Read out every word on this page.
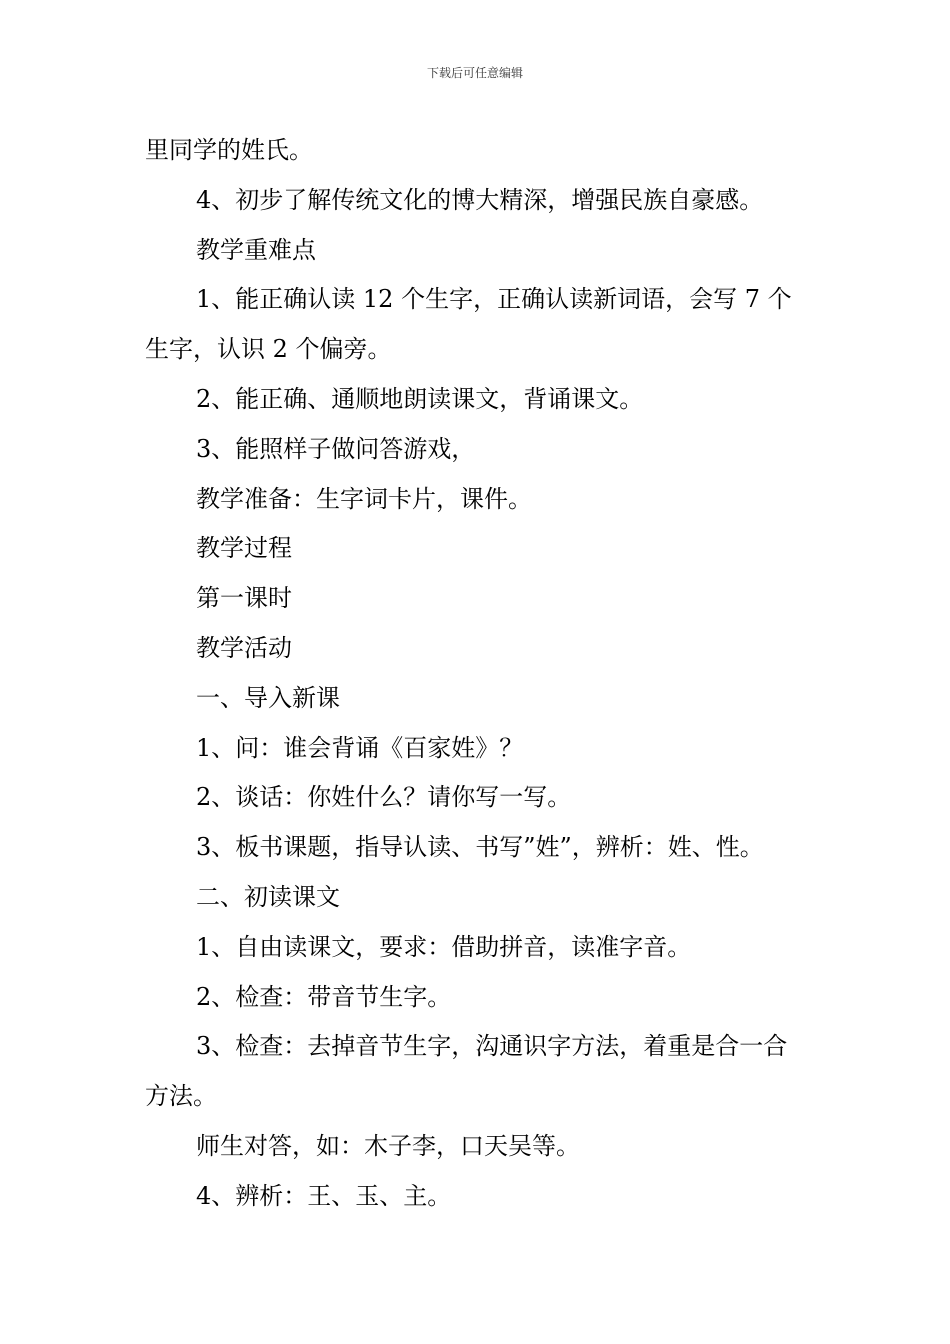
下载后可任意编辑

里同学的姓氏。

4、初步了解传统文化的博大精深，增强民族自豪感。

教学重难点

1、能正确认读 12 个生字，正确认读新词语，会写 7 个生字，认识 2 个偏旁。

2、能正确、通顺地朗读课文，背诵课文。

3、能照样子做问答游戏，

教学准备：生字词卡片，课件。

教学过程

第一课时

教学活动

一、导入新课

1、问：谁会背诵《百家姓》？

2、谈话：你姓什么？请你写一写。

3、板书课题，指导认读、书写”姓”，辨析：姓、性。

二、初读课文

1、自由读课文，要求：借助拼音，读准字音。

2、检查：带音节生字。

3、检查：去掉音节生字，沟通识字方法，着重是合一合方法。

师生对答，如：木子李，口天吴等。

4、辨析：王、玉、主。
